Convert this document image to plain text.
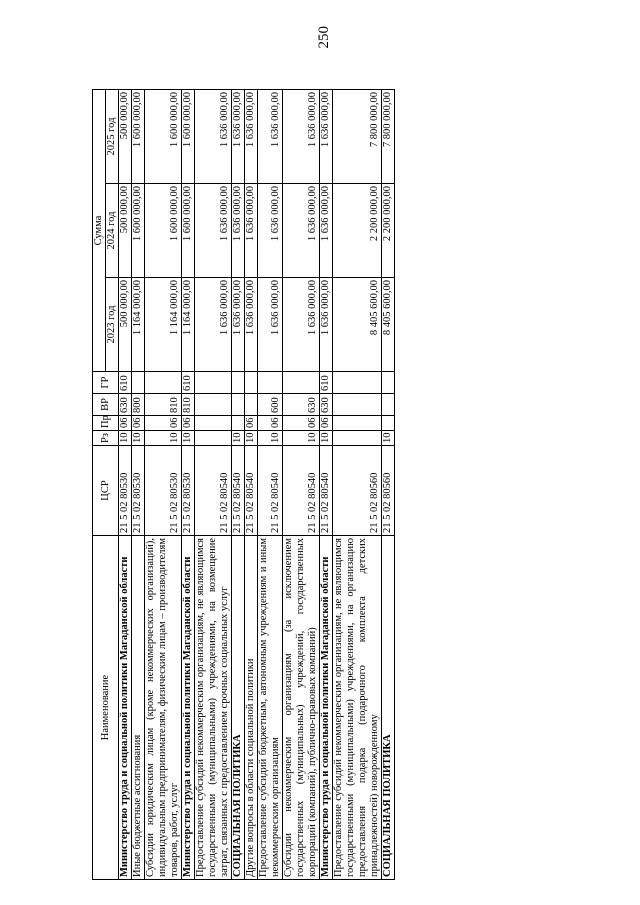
250
Наименование	ЦСР	Рз	Пр	ВР	ГР	Сумма		
						2023 год	2024 год	2025 год
Министерство труда и социальной политики Магаданской области	21 5 02 80530	10	06	630	610	500 000,00	500 000,00	500 000,00
Иные бюджетные ассигнования	21 5 02 80530	10	06	800		1 164 000,00	1 600 000,00	1 600 000,00
Субсидии юридическим лицам (кроме некоммерческих организаций), индивидуальным предпринимателям, физическим лицам – производителям товаров, работ, услуг	21 5 02 80530	10	06	810		1 164 000,00	1 600 000,00	1 600 000,00
Министерство труда и социальной политики Магаданской области	21 5 02 80530	10	06	810	610	1 164 000,00	1 600 000,00	1 600 000,00
Предоставление субсидий некоммерческим организациям, не являющимся государственными (муниципальными) учреждениями, на возмещение затрат, связанных с предоставлением срочных социальных услуг	21 5 02 80540					1 636 000,00	1 636 000,00	1 636 000,00
СОЦИАЛЬНАЯ ПОЛИТИКА	21 5 02 80540	10				1 636 000,00	1 636 000,00	1 636 000,00
Другие вопросы в области социальной политики	21 5 02 80540	10	06			1 636 000,00	1 636 000,00	1 636 000,00
Предоставление субсидий бюджетным, автономным учреждениям и иным некоммерческим организациям	21 5 02 80540	10	06	600		1 636 000,00	1 636 000,00	1 636 000,00
Субсидии некоммерческим организациям (за исключением государственных (муниципальных) учреждений, государственных корпораций (компаний), публично-правовых компаний)	21 5 02 80540	10	06	630		1 636 000,00	1 636 000,00	1 636 000,00
Министерство труда и социальной политики Магаданской области	21 5 02 80540	10	06	630	610	1 636 000,00	1 636 000,00	1 636 000,00
Предоставление субсидий некоммерческим организациям, не являющимся государственными (муниципальными) учреждениями, на организацию предоставления подарка (подарочного комплекта детских принадлежностей) новорожденному	21 5 02 80560					8 405 600,00	2 200 000,00	7 800 000,00
СОЦИАЛЬНАЯ ПОЛИТИКА	21 5 02 80560	10				8 405 600,00	2 200 000,00	7 800 000,00
